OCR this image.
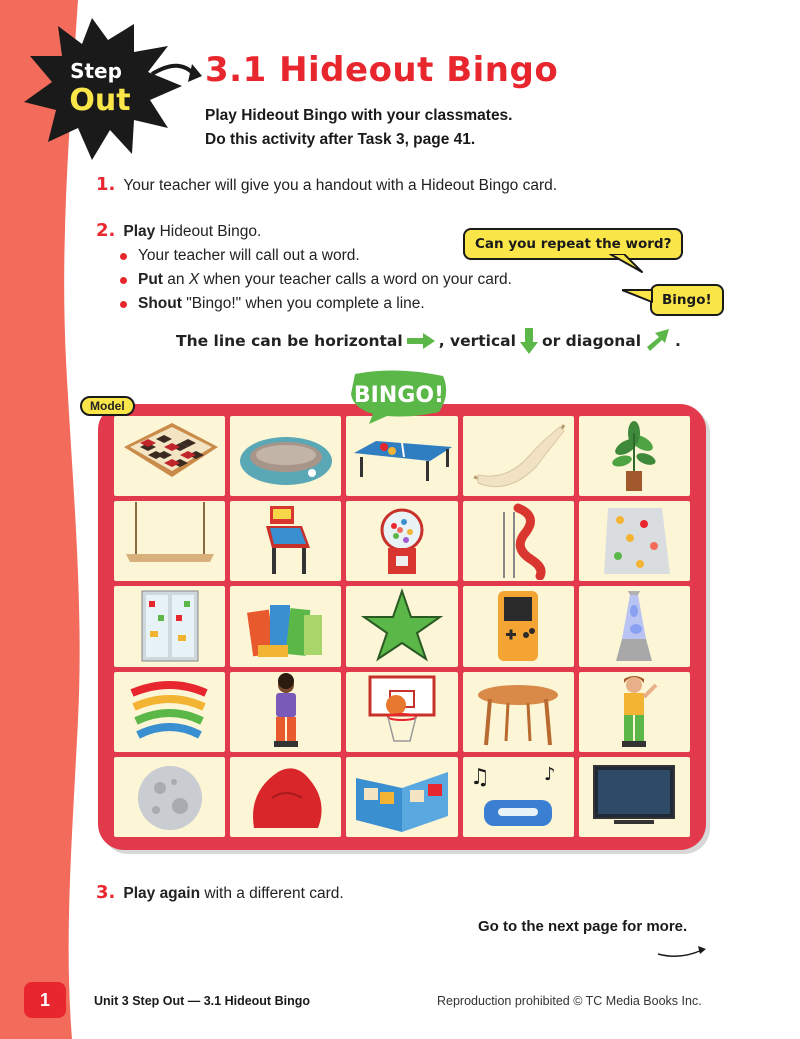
Step
Out
3.1 Hideout Bingo
Play Hideout Bingo with your classmates.
Do this activity after Task 3, page 41.
1. Your teacher will give you a handout with a Hideout Bingo card.
2. Play Hideout Bingo.
Your teacher will call out a word.
Put an X when your teacher calls a word on your card.
Shout "Bingo!" when you complete a line.
Can you repeat the word?
Bingo!
The line can be horizontal , vertical or diagonal .
♫	♪
Model	BINGO!
3. Play again with a different card.
Go to the next page for more.
1	Unit 3 Step Out — 3.1 Hideout Bingo	Reproduction prohibited © TC Media Books Inc.
